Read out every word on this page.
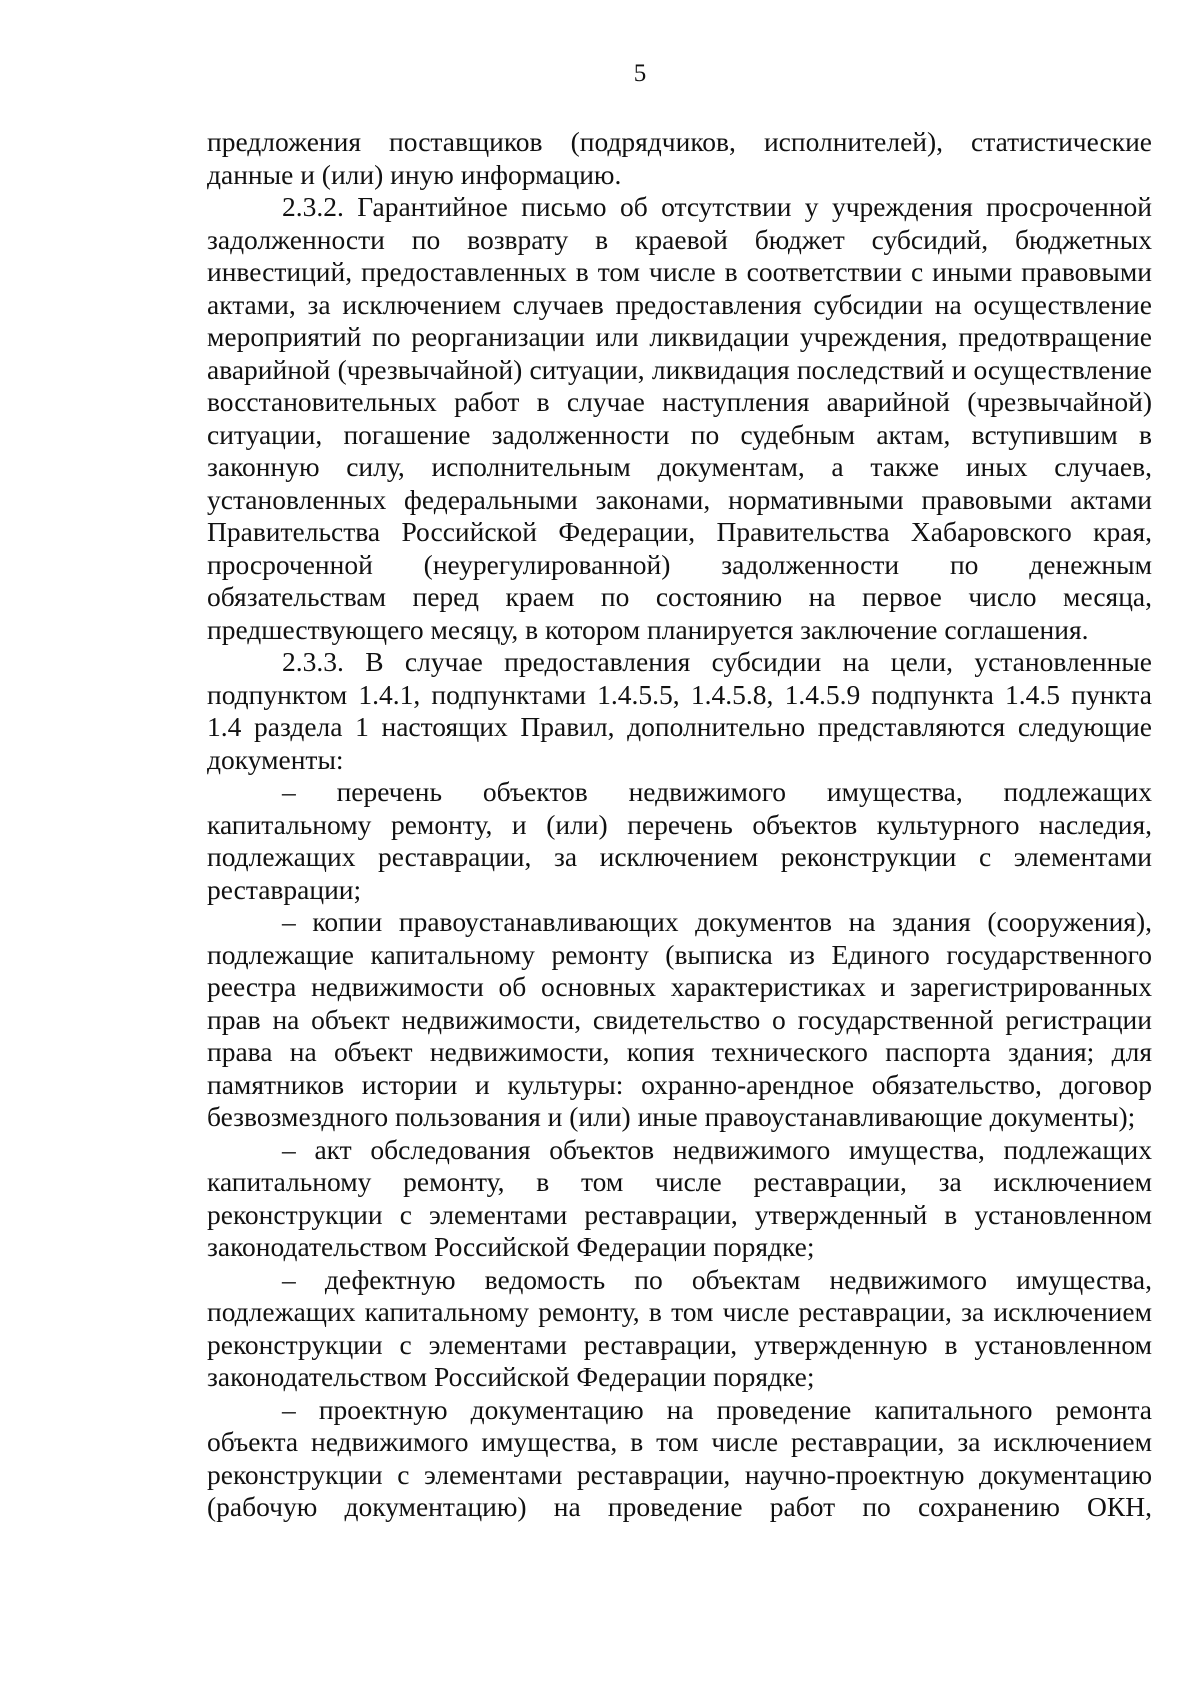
5

предложения поставщиков (подрядчиков, исполнителей), статистические данные и (или) иную информацию.

2.3.2. Гарантийное письмо об отсутствии у учреждения просроченной задолженности по возврату в краевой бюджет субсидий, бюджетных инвестиций, предоставленных в том числе в соответствии с иными правовыми актами, за исключением случаев предоставления субсидии на осуществление мероприятий по реорганизации или ликвидации учреждения, предотвращение аварийной (чрезвычайной) ситуации, ликвидация последствий и осуществление восстановительных работ в случае наступления аварийной (чрезвычайной) ситуации, погашение задолженности по судебным актам, вступившим в законную силу, исполнительным документам, а также иных случаев, установленных федеральными законами, нормативными правовыми актами Правительства Российской Федерации, Правительства Хабаровского края, просроченной (неурегулированной) задолженности по денежным обязательствам перед краем по состоянию на первое число месяца, предшествующего месяцу, в котором планируется заключение соглашения.

2.3.3. В случае предоставления субсидии на цели, установленные подпунктом 1.4.1, подпунктами 1.4.5.5, 1.4.5.8, 1.4.5.9 подпункта 1.4.5 пункта 1.4 раздела 1 настоящих Правил, дополнительно представляются следующие документы:

– перечень объектов недвижимого имущества, подлежащих капитальному ремонту, и (или) перечень объектов культурного наследия, подлежащих реставрации, за исключением реконструкции с элементами реставрации;

– копии правоустанавливающих документов на здания (сооружения), подлежащие капитальному ремонту (выписка из Единого государственного реестра недвижимости об основных характеристиках и зарегистрированных прав на объект недвижимости, свидетельство о государственной регистрации права на объект недвижимости, копия технического паспорта здания; для памятников истории и культуры: охранно-арендное обязательство, договор безвозмездного пользования и (или) иные правоустанавливающие документы);

– акт обследования объектов недвижимого имущества, подлежащих капитальному ремонту, в том числе реставрации, за исключением реконструкции с элементами реставрации, утвержденный в установленном законодательством Российской Федерации порядке;

– дефектную ведомость по объектам недвижимого имущества, подлежащих капитальному ремонту, в том числе реставрации, за исключением реконструкции с элементами реставрации, утвержденную в установленном законодательством Российской Федерации порядке;

– проектную документацию на проведение капитального ремонта объекта недвижимого имущества, в том числе реставрации, за исключением реконструкции с элементами реставрации, научно-проектную документацию (рабочую документацию) на проведение работ по сохранению ОКН,
